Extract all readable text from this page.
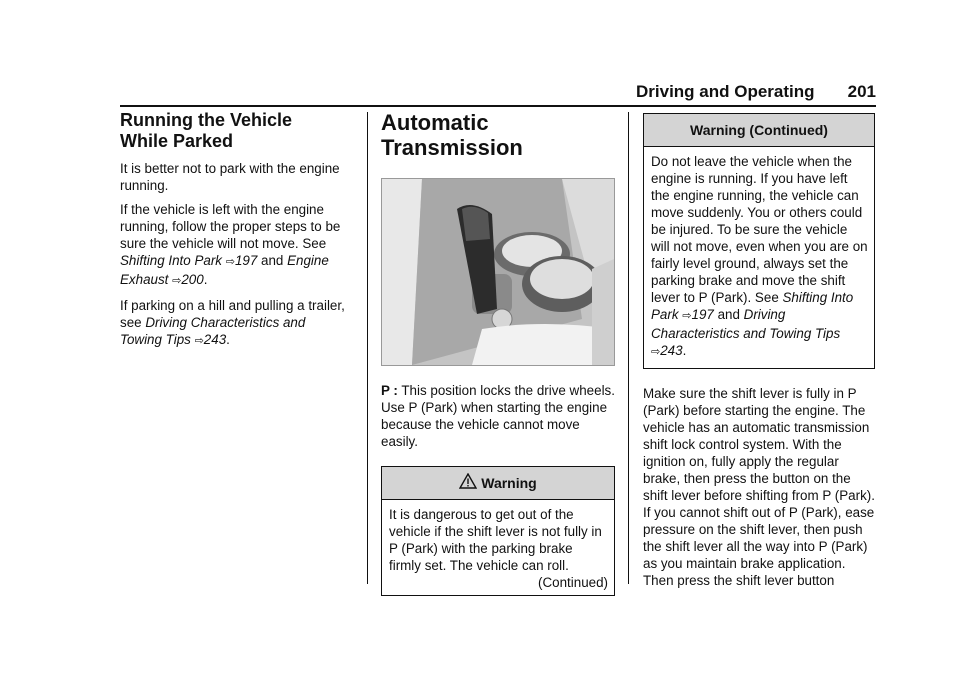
Driving and Operating 201
Running the Vehicle
While Parked

It is better not to park with the engine running.

If the vehicle is left with the engine running, follow the proper steps to be sure the vehicle will not move. See Shifting Into Park ⇨197 and Engine Exhaust ⇨200.

If parking on a hill and pulling a trailer, see Driving Characteristics and Towing Tips ⇨243.

Automatic
Transmission

P : This position locks the drive wheels. Use P (Park) when starting the engine because the vehicle cannot move easily.

Warning

It is dangerous to get out of the vehicle if the shift lever is not fully in P (Park) with the parking brake firmly set. The vehicle can roll.

(Continued)
Warning (Continued)

Do not leave the vehicle when the engine is running. If you have left the engine running, the vehicle can move suddenly. You or others could be injured. To be sure the vehicle will not move, even when you are on fairly level ground, always set the parking brake and move the shift lever to P (Park). See Shifting Into Park ⇨197 and Driving Characteristics and Towing Tips ⇨243.

Make sure the shift lever is fully in P (Park) before starting the engine. The vehicle has an automatic transmission shift lock control system. With the ignition on, fully apply the regular brake, then press the button on the shift lever before shifting from P (Park). If you cannot shift out of P (Park), ease pressure on the shift lever, then push the shift lever all the way into P (Park) as you maintain brake application. Then press the shift lever button
